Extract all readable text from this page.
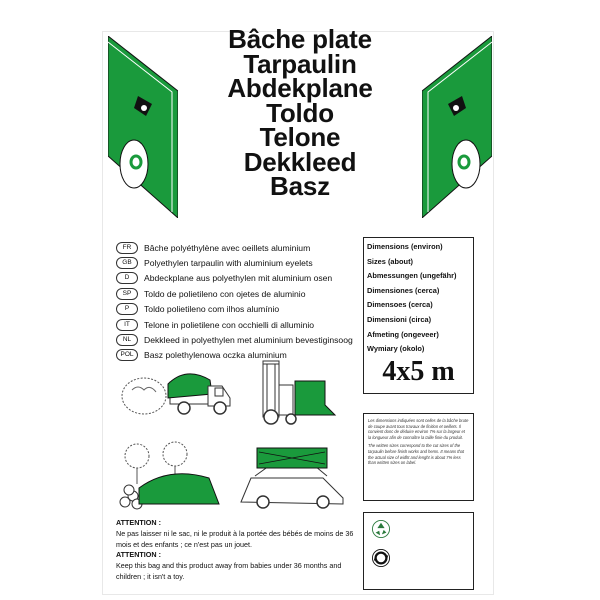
Bâche plate
Tarpaulin
Abdekplane
Toldo
Telone
Dekkleed
Basz
FR	Bâche polyéthylène avec oeillets aluminium
GB	Polyethylen tarpaulin with aluminium eyelets
D	Abdeckplane aus polyethylen mit aluminium osen
SP	Toldo de polietileno con ojetes de aluminio
P	Toldo polietileno com ilhos alumínio
IT	Telone in polietilene con occhielli di alluminio
NL	Dekkleed in polyethylen met aluminium bevestiginsoog
POL	Basz polethylenowa oczka aluminium
Dimensions (environ)
Sizes (about)
Abmessungen (ungefähr)
Dimensiones (cerca)
Dimensoes (cerca)
Dimensioni (circa)
Afmeting (ongeveer)
Wymiary (okolo)
4x5 m

Les dimensions indiquées sont celles de la bâche brute de coupe avant tous travaux de finition et oeillets. Il convient donc de déduire environ 7% sur la largeur et la longueur afin de connaître la taille finie du produit.

The written sizes correspond to the cut sizes of the tarpaulin before finish works and hems. It means that the actual size of widht and lenght is about 7% less than written sizes on label.

ATTENTION :
Ne pas laisser ni le sac, ni le produit à la portée des bébés de moins de 36 mois et des enfants ; ce n'est pas un jouet.
ATTENTION :
Keep this bag and this product away from babies under 36 months and children ; it isn't a toy.
